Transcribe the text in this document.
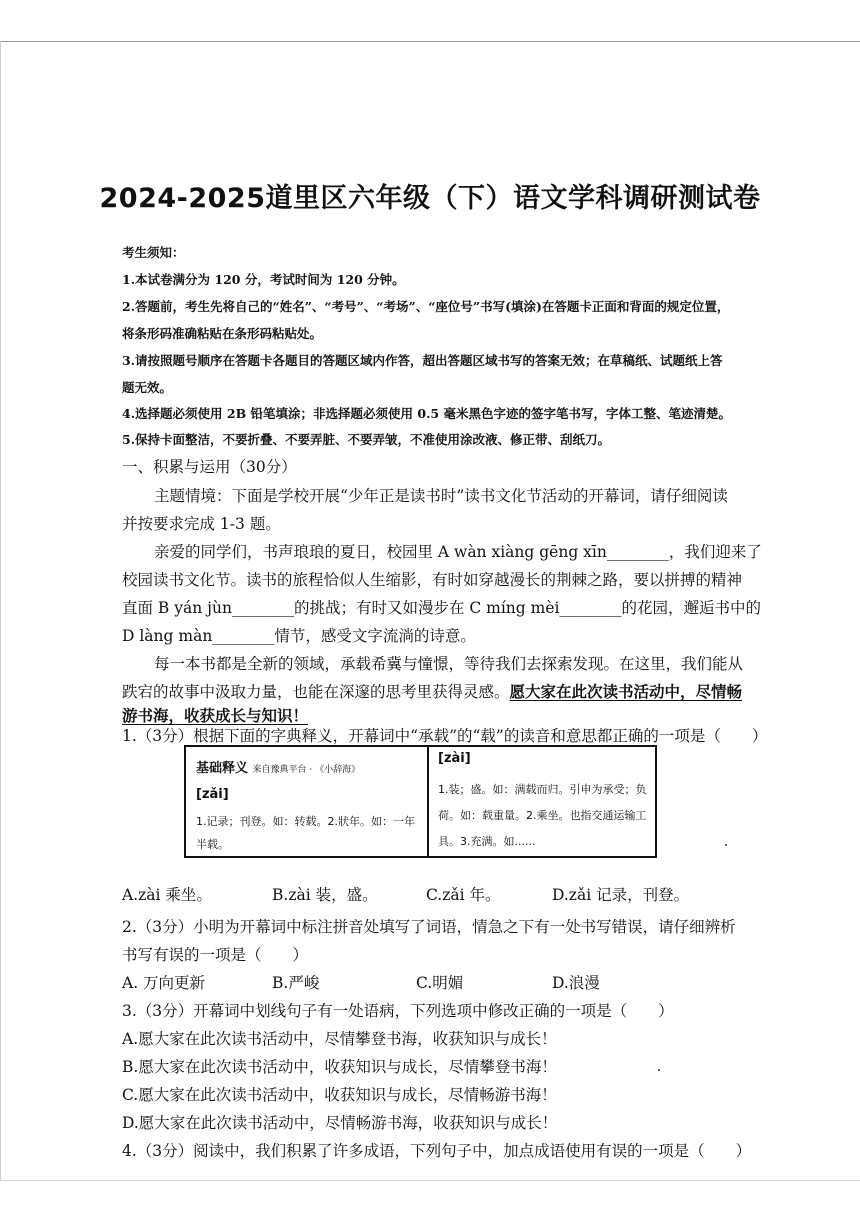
2024-2025道里区六年级（下）语文学科调研测试卷
考生须知：
1.本试卷满分为 120 分，考试时间为 120 分钟。
2.答题前，考生先将自己的“姓名”、“考号”、“考场”、“座位号”书写(填涂)在答题卡正面和背面的规定位置，
将条形码准确粘贴在条形码粘贴处。
3.请按照题号顺序在答题卡各题目的答题区域内作答，超出答题区域书写的答案无效；在草稿纸、试题纸上答
题无效。
4.选择题必须使用 2B 铅笔填涂；非选择题必须使用 0.5 毫米黑色字迹的签字笔书写，字体工整、笔迹清楚。
5.保持卡面整洁，不要折叠、不要弄脏、不要弄皱，不准使用涂改液、修正带、刮纸刀。
一、积累与运用（30分）
主题情境：下面是学校开展“少年正是读书时”读书文化节活动的开幕词，请仔细阅读
并按要求完成 1-3 题。
亲爱的同学们，书声琅琅的夏日，校园里 A wàn xiàng gēng xīn________，我们迎来了
校园读书文化节。读书的旅程恰似人生缩影，有时如穿越漫长的荆棘之路，要以拼搏的精神
直面 B yán jùn________的挑战；有时又如漫步在 C míng mèi________的花园，邂逅书中的
D làng màn________情节，感受文字流淌的诗意。
每一本书都是全新的领域，承载希冀与憧憬，等待我们去探索发现。在这里，我们能从
跌宕的故事中汲取力量，也能在深邃的思考里获得灵感。愿大家在此次读书活动中，尽情畅
游书海，收获成长与知识！
1.（3分）根据下面的字典释义，开幕词中“承载”的“载”的读音和意思都正确的一项是（　　）
基础释义 来自豫典平台 · 《小辞海》
[zǎi]
1.记录；刊登。如：转载。2.狀年。如：一年
半载。
[zài]
1.装；盛。如：满载而归。引申为承受；负
荷。如：载重量。2.乘坐。也指交通运输工
具。3.充满。如......
A.zài 乘坐。	B.zài 装，盛。	C.zǎi 年。	D.zǎi 记录，刊登。
2.（3分）小明为开幕词中标注拼音处填写了词语，情急之下有一处书写错误，请仔细辨析
书写有误的一项是（　　）
A. 万向更新	B.严峻	C.明媚	D.浪漫
3.（3分）开幕词中划线句子有一处语病，下列选项中修改正确的一项是（　　）
A.愿大家在此次读书活动中，尽情攀登书海，收获知识与成长！
B.愿大家在此次读书活动中，收获知识与成长，尽情攀登书海！
C.愿大家在此次读书活动中，收获知识与成长，尽情畅游书海！
D.愿大家在此次读书活动中，尽情畅游书海，收获知识与成长！
4.（3分）阅读中，我们积累了许多成语，下列句子中，加点成语使用有误的一项是（　　）
